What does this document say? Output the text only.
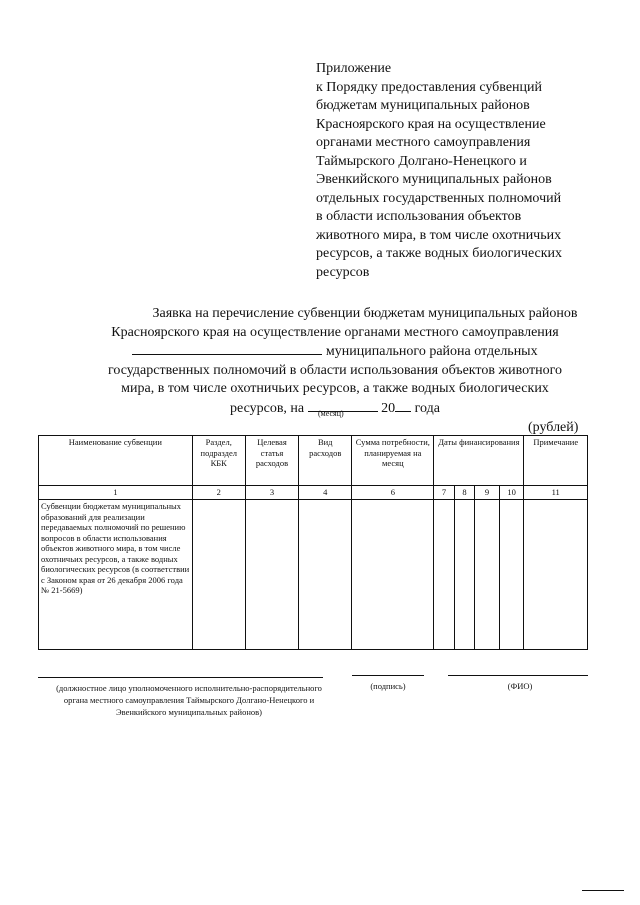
Приложение
к Порядку предоставления субвенций
бюджетам муниципальных районов
Красноярского края на осуществление
органами местного самоуправления
Таймырского Долгано-Ненецкого и
Эвенкийского муниципальных районов
отдельных государственных полномочий
в области использования объектов
животного мира, в том числе охотничьих
ресурсов, а также водных биологических
ресурсов
Заявка на перечисление субвенции бюджетам муниципальных районов
Красноярского края на осуществление органами местного самоуправления
муниципального района отдельных
государственных полномочий в области использования объектов животного
мира, в том числе охотничьих ресурсов, а также водных биологических
ресурсов, на	20 года
(месяц)
(рублей)
Наименование субвенции	Раздел, подраздел КБК	Целевая статья расходов	Вид расходов	Сумма потребности, планируемая на месяц	Даты финансирования				Примечание
1	2	3	4	6	7	8	9	10	11
Субвенции бюджетам муниципальных образований для реализации передаваемых полномочий по решению вопросов в области использования объектов животного мира, в том числе охотничьих ресурсов, а также водных биологических ресурсов (в соответствии с Законом края от 26 декабря 2006 года № 21-5669)									
(должностное лицо уполномоченного исполнительно-распорядительного органа местного самоуправления Таймырского Долгано-Ненецкого и Эвенкийского муниципальных районов)
(подпись)	(ФИО)
